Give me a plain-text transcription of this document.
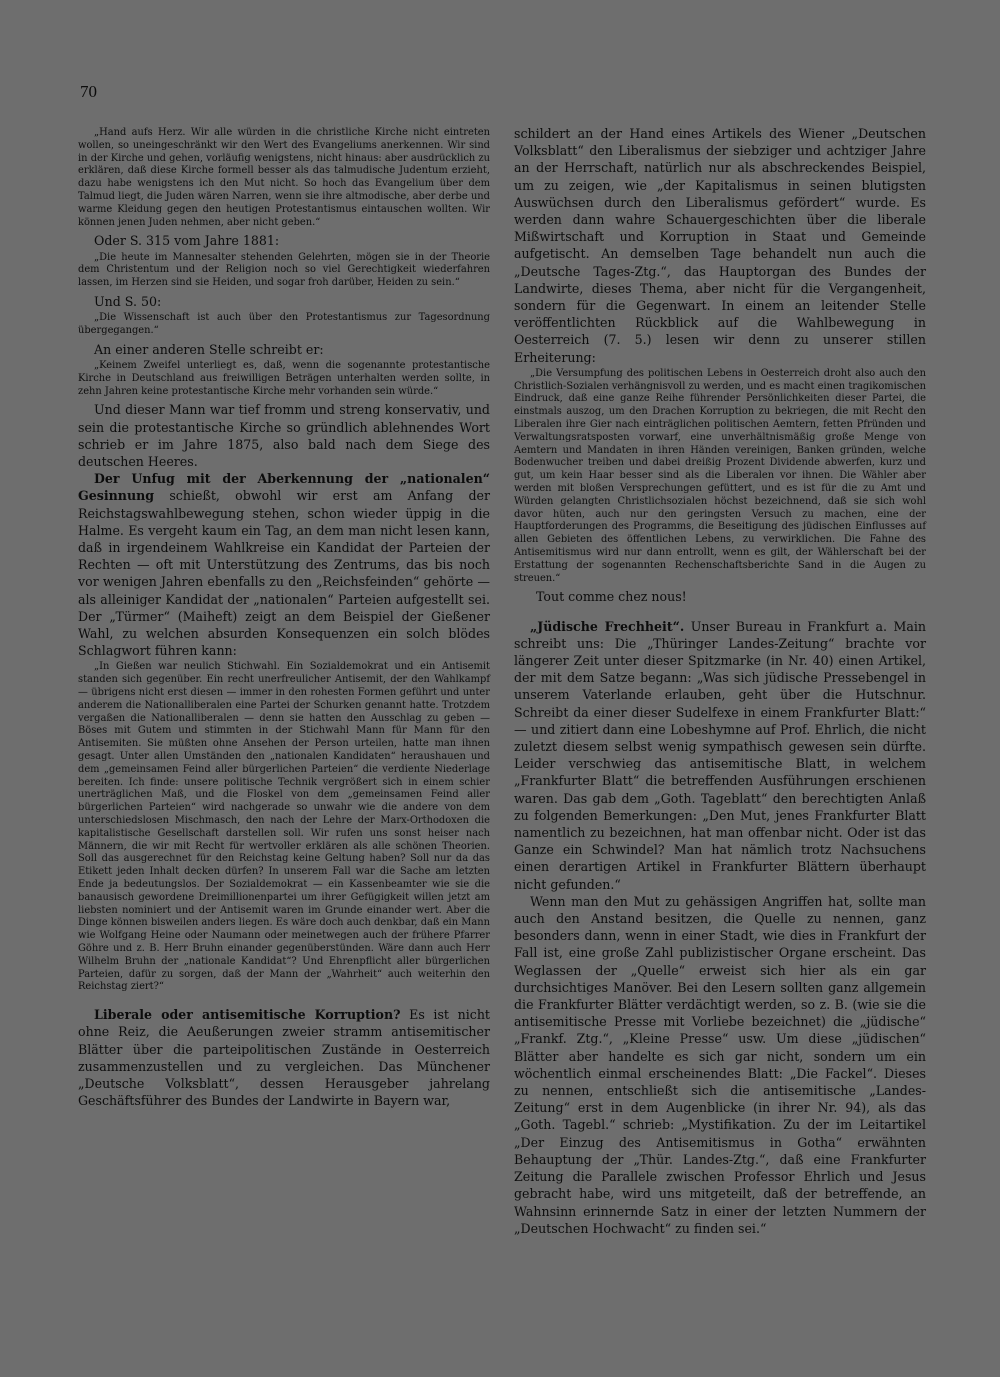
70

„Hand aufs Herz. Wir alle würden in die christliche Kirche nicht eintreten wollen, so uneingeschränkt wir den Wert des Evangeliums anerkennen. Wir sind in der Kirche und gehen, vorläufig wenigstens, nicht hinaus: aber ausdrücklich zu erklären, daß diese Kirche formell besser als das talmudische Judentum erzieht, dazu habe wenigstens ich den Mut nicht. So hoch das Evangelium über dem Talmud liegt, die Juden wären Narren, wenn sie ihre altmodische, aber derbe und warme Kleidung gegen den heutigen Protestantismus eintauschen wollten. Wir können jenen Juden nehmen, aber nicht geben.“

Oder S. 315 vom Jahre 1881:

„Die heute im Mannesalter stehenden Gelehrten, mögen sie in der Theorie dem Christentum und der Religion noch so viel Gerechtigkeit wiederfahren lassen, im Herzen sind sie Heiden, und sogar froh darüber, Heiden zu sein.“

Und S. 50:

„Die Wissenschaft ist auch über den Protestantismus zur Tagesordnung übergegangen.“

An einer anderen Stelle schreibt er:

„Keinem Zweifel unterliegt es, daß, wenn die sogenannte protestantische Kirche in Deutschland aus freiwilligen Beträgen unterhalten werden sollte, in zehn Jahren keine protestantische Kirche mehr vorhanden sein würde.“

Und dieser Mann war tief fromm und streng konservativ, und sein die protestantische Kirche so gründlich ablehnendes Wort schrieb er im Jahre 1875, also bald nach dem Siege des deutschen Heeres.

Der Unfug mit der Aberkennung der „nationalen“ Gesinnung schießt, obwohl wir erst am Anfang der Reichstagswahlbewegung stehen, schon wieder üppig in die Halme. Es vergeht kaum ein Tag, an dem man nicht lesen kann, daß in irgendeinem Wahlkreise ein Kandidat der Parteien der Rechten — oft mit Unterstützung des Zentrums, das bis noch vor wenigen Jahren ebenfalls zu den „Reichsfeinden“ gehörte — als alleiniger Kandidat der „nationalen“ Parteien aufgestellt sei. Der „Türmer“ (Maiheft) zeigt an dem Beispiel der Gießener Wahl, zu welchen absurden Konsequenzen ein solch blödes Schlagwort führen kann:

„In Gießen war neulich Stichwahl. Ein Sozialdemokrat und ein Antisemit standen sich gegenüber. Ein recht unerfreulicher Antisemit, der den Wahlkampf — übrigens nicht erst diesen — immer in den rohesten Formen geführt und unter anderem die Nationalliberalen eine Partei der Schurken genannt hatte. Trotzdem vergaßen die Nationalliberalen — denn sie hatten den Ausschlag zu geben — Böses mit Gutem und stimmten in der Stichwahl Mann für Mann für den Antisemiten. Sie müßten ohne Ansehen der Person urteilen, hatte man ihnen gesagt. Unter allen Umständen den „nationalen Kandidaten“ heraushauen und dem „gemeinsamen Feind aller bürgerlichen Parteien“ die verdiente Niederlage bereiten. Ich finde: unsere politische Technik vergrößert sich in einem schier unerträglichen Maß, und die Floskel von dem „gemeinsamen Feind aller bürgerlichen Parteien“ wird nachgerade so unwahr wie die andere von dem unterschiedslosen Mischmasch, den nach der Lehre der Marx-Orthodoxen die kapitalistische Gesellschaft darstellen soll. Wir rufen uns sonst heiser nach Männern, die wir mit Recht für wertvoller erklären als alle schönen Theorien. Soll das ausgerechnet für den Reichstag keine Geltung haben? Soll nur da das Etikett jeden Inhalt decken dürfen? In unserem Fall war die Sache am letzten Ende ja bedeutungslos. Der Sozialdemokrat — ein Kassenbeamter wie sie die banausisch gewordene Dreimillionenpartei um ihrer Gefügigkeit willen jetzt am liebsten nominiert und der Antisemit waren im Grunde einander wert. Aber die Dinge können bisweilen anders liegen. Es wäre doch auch denkbar, daß ein Mann wie Wolfgang Heine oder Naumann oder meinetwegen auch der frühere Pfarrer Göhre und z. B. Herr Bruhn einander gegenüberstünden. Wäre dann auch Herr Wilhelm Bruhn der „nationale Kandidat“? Und Ehrenpflicht aller bürgerlichen Parteien, dafür zu sorgen, daß der Mann der „Wahrheit“ auch weiterhin den Reichstag ziert?“

Liberale oder antisemitische Korruption? Es ist nicht ohne Reiz, die Aeußerungen zweier stramm antisemitischer Blätter über die parteipolitischen Zustände in Oesterreich zusammenzustellen und zu vergleichen. Das Münchener „Deutsche Volksblatt“, dessen Herausgeber jahrelang Geschäftsführer des Bundes der Landwirte in Bayern war,

schildert an der Hand eines Artikels des Wiener „Deutschen Volksblatt“ den Liberalismus der siebziger und achtziger Jahre an der Herrschaft, natürlich nur als abschreckendes Beispiel, um zu zeigen, wie „der Kapitalismus in seinen blutigsten Auswüchsen durch den Liberalismus gefördert“ wurde. Es werden dann wahre Schauergeschichten über die liberale Mißwirtschaft und Korruption in Staat und Gemeinde aufgetischt. An demselben Tage behandelt nun auch die „Deutsche Tages-Ztg.“, das Hauptorgan des Bundes der Landwirte, dieses Thema, aber nicht für die Vergangenheit, sondern für die Gegenwart. In einem an leitender Stelle veröffentlichten Rückblick auf die Wahlbewegung in Oesterreich (7. 5.) lesen wir denn zu unserer stillen Erheiterung:

„Die Versumpfung des politischen Lebens in Oesterreich droht also auch den Christlich-Sozialen verhängnisvoll zu werden, und es macht einen tragikomischen Eindruck, daß eine ganze Reihe führender Persönlichkeiten dieser Partei, die einstmals auszog, um den Drachen Korruption zu bekriegen, die mit Recht den Liberalen ihre Gier nach einträglichen politischen Aemtern, fetten Pfründen und Verwaltungsratsposten vorwarf, eine unverhältnismäßig große Menge von Aemtern und Mandaten in ihren Händen vereinigen, Banken gründen, welche Bodenwucher treiben und dabei dreißig Prozent Dividende abwerfen, kurz und gut, um kein Haar besser sind als die Liberalen vor ihnen. Die Wähler aber werden mit bloßen Versprechungen gefüttert, und es ist für die zu Amt und Würden gelangten Christlichsozialen höchst bezeichnend, daß sie sich wohl davor hüten, auch nur den geringsten Versuch zu machen, eine der Hauptforderungen des Programms, die Beseitigung des jüdischen Einflusses auf allen Gebieten des öffentlichen Lebens, zu verwirklichen. Die Fahne des Antisemitismus wird nur dann entrollt, wenn es gilt, der Wählerschaft bei der Erstattung der sogenannten Rechenschaftsberichte Sand in die Augen zu streuen.“

Tout comme chez nous!

„Jüdische Frechheit“. Unser Bureau in Frankfurt a. Main schreibt uns: Die „Thüringer Landes-Zeitung“ brachte vor längerer Zeit unter dieser Spitzmarke (in Nr. 40) einen Artikel, der mit dem Satze begann: „Was sich jüdische Pressebengel in unserem Vaterlande erlauben, geht über die Hutschnur. Schreibt da einer dieser Sudelfexe in einem Frankfurter Blatt:“ — und zitiert dann eine Lobeshymne auf Prof. Ehrlich, die nicht zuletzt diesem selbst wenig sympathisch gewesen sein dürfte. Leider verschwieg das antisemitische Blatt, in welchem „Frankfurter Blatt“ die betreffenden Ausführungen erschienen waren. Das gab dem „Goth. Tageblatt“ den berechtigten Anlaß zu folgenden Bemerkungen: „Den Mut, jenes Frankfurter Blatt namentlich zu bezeichnen, hat man offenbar nicht. Oder ist das Ganze ein Schwindel? Man hat nämlich trotz Nachsuchens einen derartigen Artikel in Frankfurter Blättern überhaupt nicht gefunden.“

Wenn man den Mut zu gehässigen Angriffen hat, sollte man auch den Anstand besitzen, die Quelle zu nennen, ganz besonders dann, wenn in einer Stadt, wie dies in Frankfurt der Fall ist, eine große Zahl publizistischer Organe erscheint. Das Weglassen der „Quelle“ erweist sich hier als ein gar durchsichtiges Manöver. Bei den Lesern sollten ganz allgemein die Frankfurter Blätter verdächtigt werden, so z. B. (wie sie die antisemitische Presse mit Vorliebe bezeichnet) die „jüdische“ „Frankf. Ztg.“, „Kleine Presse“ usw. Um diese „jüdischen“ Blätter aber handelte es sich gar nicht, sondern um ein wöchentlich einmal erscheinendes Blatt: „Die Fackel“. Dieses zu nennen, entschließt sich die antisemitische „Landes-Zeitung“ erst in dem Augenblicke (in ihrer Nr. 94), als das „Goth. Tagebl.“ schrieb: „Mystifikation. Zu der im Leitartikel „Der Einzug des Antisemitismus in Gotha“ erwähnten Behauptung der „Thür. Landes-Ztg.“, daß eine Frankfurter Zeitung die Parallele zwischen Professor Ehrlich und Jesus gebracht habe, wird uns mitgeteilt, daß der betreffende, an Wahnsinn erinnernde Satz in einer der letzten Nummern der „Deutschen Hochwacht“ zu finden sei.“
